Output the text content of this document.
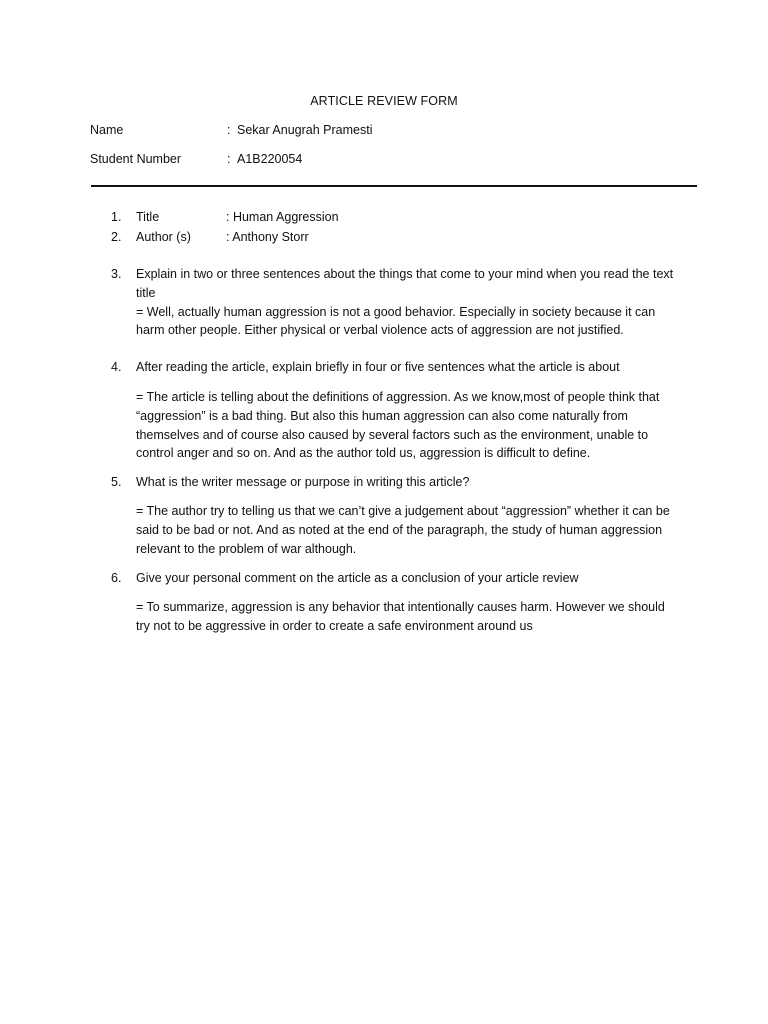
ARTICLE REVIEW FORM
Name	: Sekar Anugrah Pramesti
Student Number	: A1B220054
1. Title	: Human Aggression
2. Author (s)	: Anthony Storr
3. Explain in two or three sentences about the things that come to your mind when you read the text title

= Well, actually human aggression is not a good behavior. Especially in society because it can harm other people. Either physical or verbal violence acts of aggression are not justified.

4. After reading the article, explain briefly in four or five sentences what the article is about

= The article is telling about the definitions of aggression. As we know,most of people think that “aggression” is a bad thing. But also this human aggression can also come naturally from themselves and of course also caused by several factors such as the environment, unable to control anger and so on. And as the author told us, aggression is difficult to define.
5. What is the writer message or purpose in writing this article?

= The author try to telling us that we can’t give a judgement about “aggression” whether it can be said to be bad or not. And as noted at the end of the paragraph, the study of human aggression relevant to the problem of war although.
6. Give your personal comment on the article as a conclusion of your article review

= To summarize, aggression is any behavior that intentionally causes harm. However we should try not to be aggressive in order to create a safe environment around us
